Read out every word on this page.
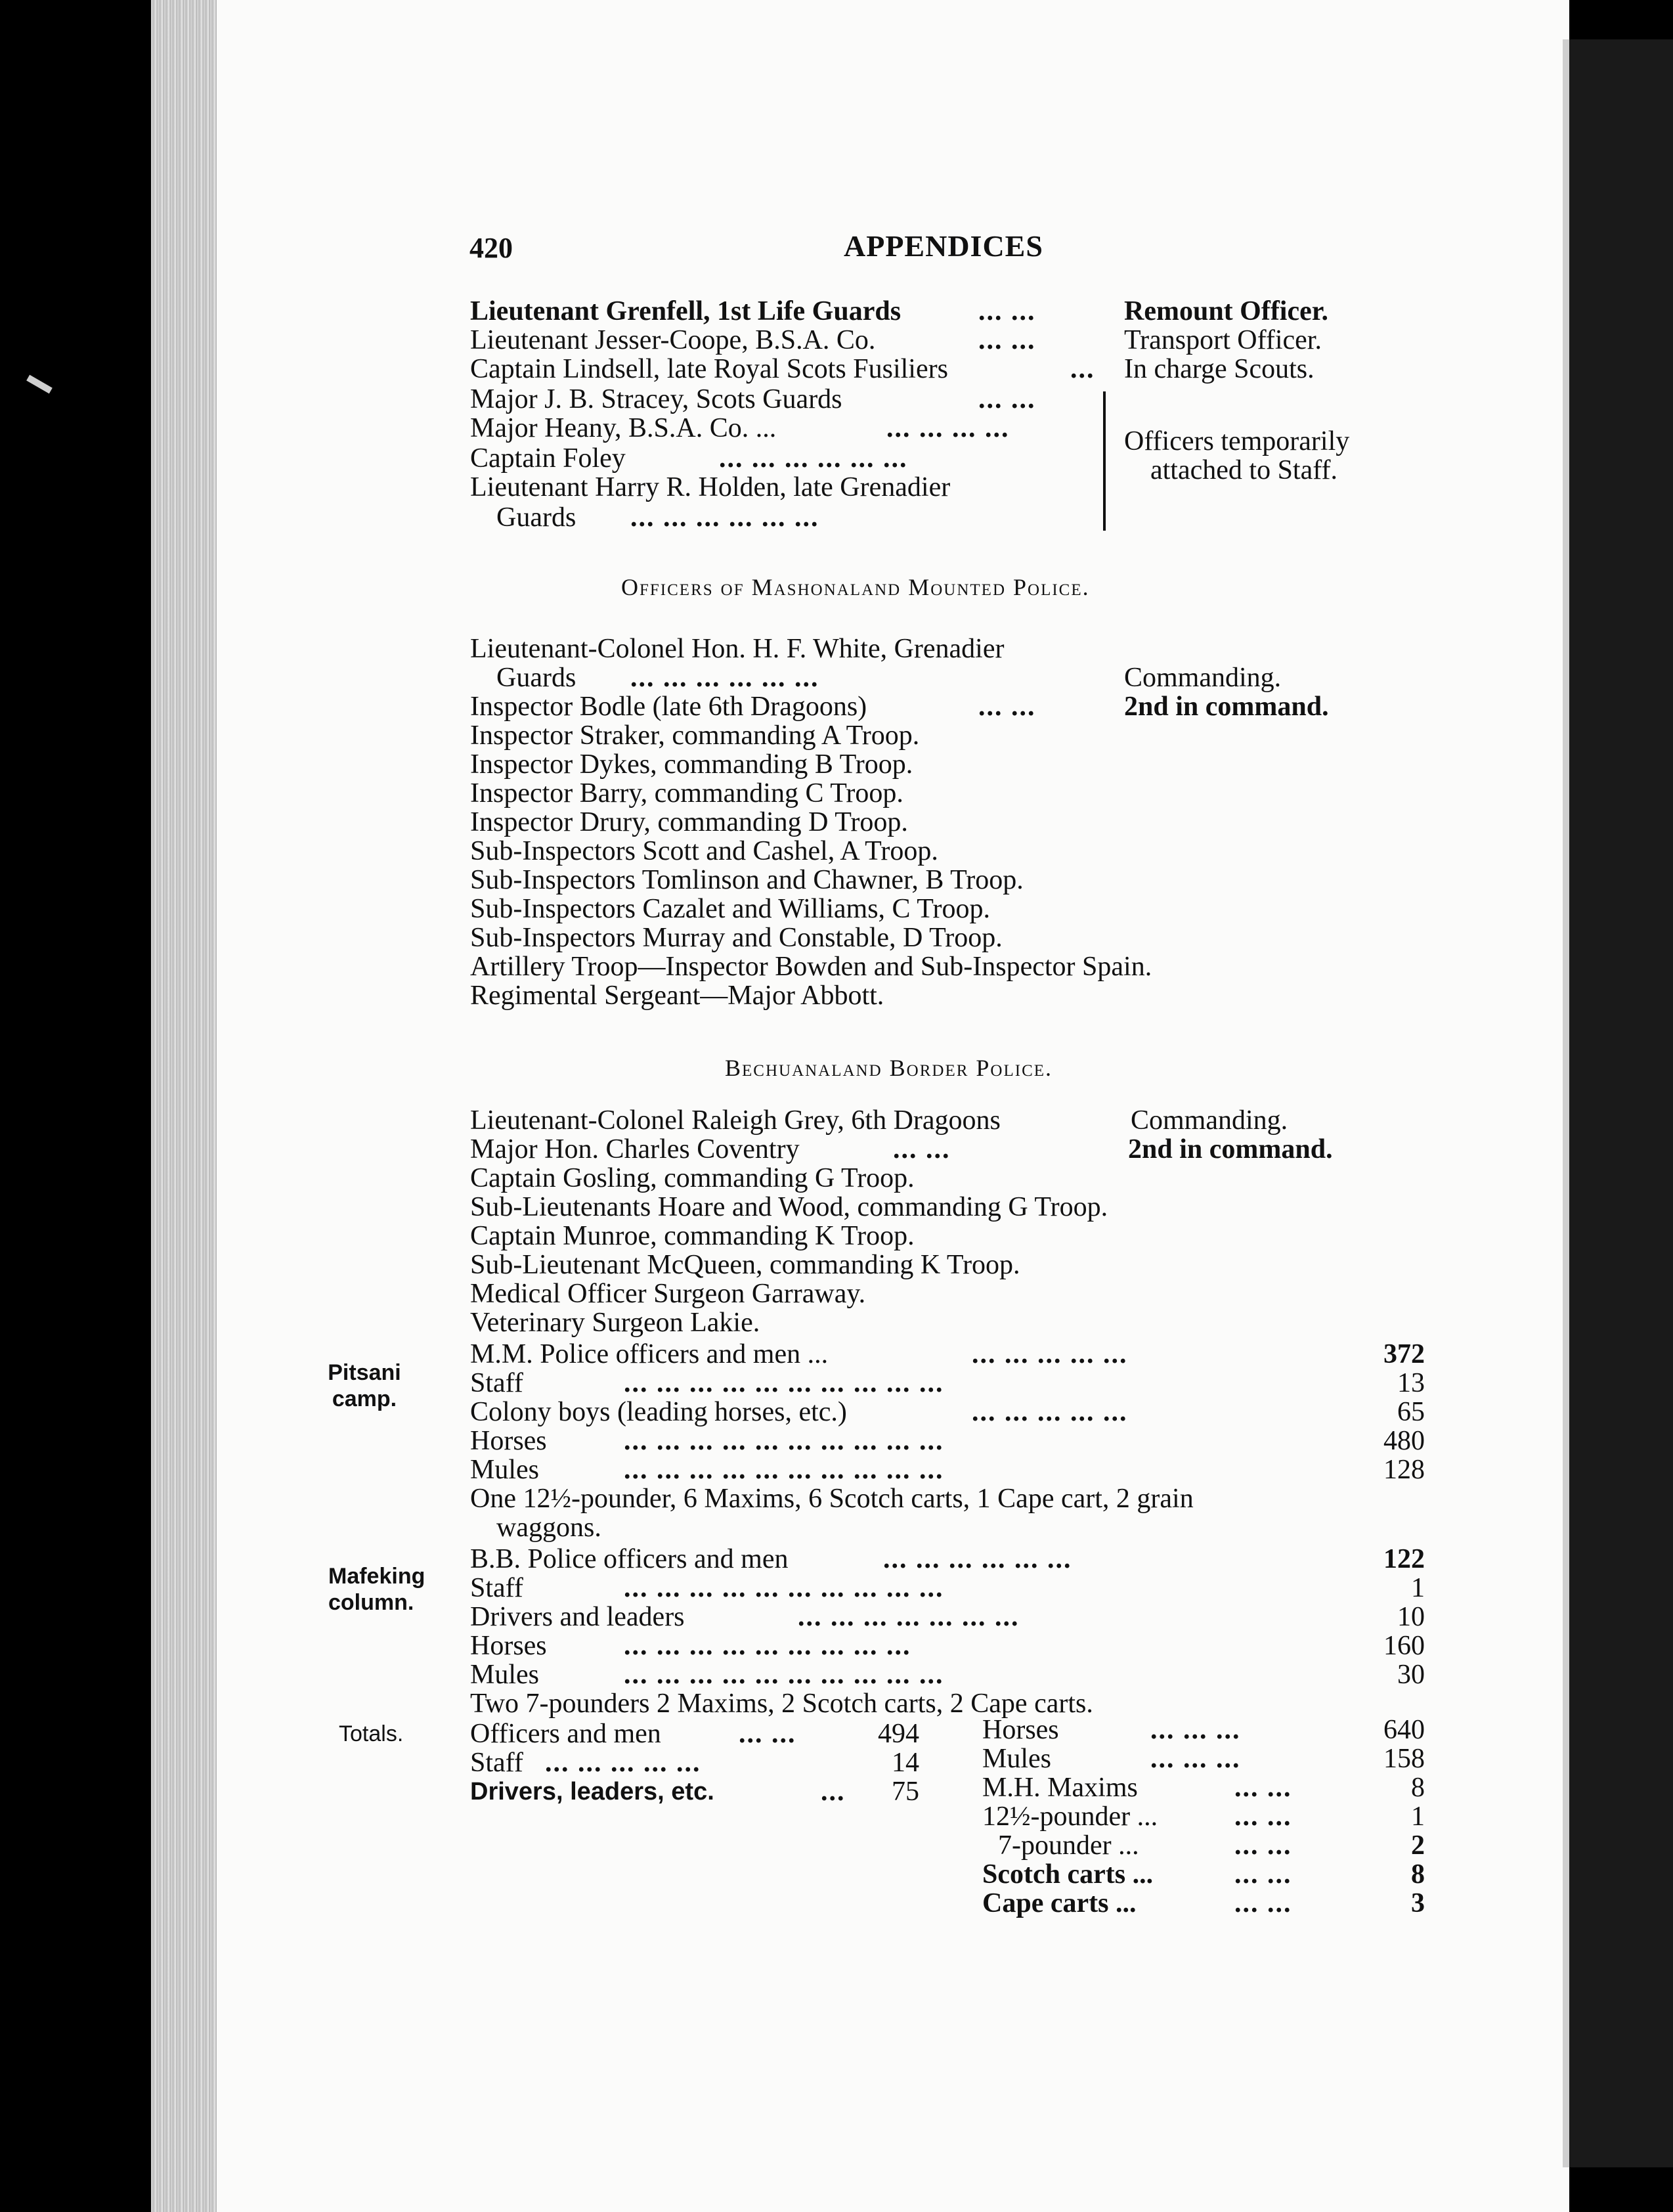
420	APPENDICES
Lieutenant Grenfell, 1st Life Guards	... ...	Remount Officer.
Lieutenant Jesser-Coope, B.S.A. Co.	... ...	Transport Officer.
Captain Lindsell, late Royal Scots Fusiliers	... In charge Scouts.
Major J. B. Stracey, Scots Guards	... ...
Major Heany, B.S.A. Co. ...	... ... ... ...
Captain Foley	... ... ... ... ... ...
Lieutenant Harry R. Holden, late Grenadier
Guards ... ... ... ... ... ...
Officers temporarily
attached to Staff.
Officers of Mashonaland Mounted Police.
Lieutenant-Colonel Hon. H. F. White, Grenadier
Guards ... ... ... ... ... ...	Commanding.
Inspector Bodle (late 6th Dragoons)	... ...	2nd in command.
Inspector Straker, commanding A Troop.
Inspector Dykes, commanding B Troop.
Inspector Barry, commanding C Troop.
Inspector Drury, commanding D Troop.
Sub-Inspectors Scott and Cashel, A Troop.
Sub-Inspectors Tomlinson and Chawner, B Troop.
Sub-Inspectors Cazalet and Williams, C Troop.
Sub-Inspectors Murray and Constable, D Troop.
Artillery Troop—Inspector Bowden and Sub-Inspector Spain.
Regimental Sergeant—Major Abbott.
Bechuanaland Border Police.
Lieutenant-Colonel Raleigh Grey, 6th Dragoons	Commanding.
Major Hon. Charles Coventry	... ...	2nd in command.
Captain Gosling, commanding G Troop.
Sub-Lieutenants Hoare and Wood, commanding G Troop.
Captain Munroe, commanding K Troop.
Sub-Lieutenant McQueen, commanding K Troop.
Medical Officer Surgeon Garraway.
Veterinary Surgeon Lakie.
Pitsani camp.
M.M. Police officers and men ...	... ... ... ... ...	372
Staff	... ... ... ... ... ... ... ... ... ...	13
Colony boys (leading horses, etc.)	... ... ... ... ...	65
Horses	... ... ... ... ... ... ... ... ... ...	480
Mules	... ... ... ... ... ... ... ... ... ...	128
One 12½-pounder, 6 Maxims, 6 Scotch carts, 1 Cape cart, 2 grain
waggons.
Mafeking column.
B.B. Police officers and men	... ... ... ... ... ...	122
Staff	... ... ... ... ... ... ... ... ... ...	1
Drivers and leaders	... ... ... ... ... ... ...	10
Horses	... ... ... ... ... ... ... ... ...	160
Mules	... ... ... ... ... ... ... ... ... ...	30
Two 7-pounders 2 Maxims, 2 Scotch carts, 2 Cape carts.
Totals. Officers and men	... ...	494
Staff ... ... ... ... ...	14
Drivers, leaders, etc.	...	75
Horses	... ... ...	640
Mules	... ... ...	158
M.H. Maxims	... ...	8
12½-pounder ...	... ...	1
7-pounder ...	... ...	2
Scotch carts ...	... ...	8
Cape carts ...	... ...	3
